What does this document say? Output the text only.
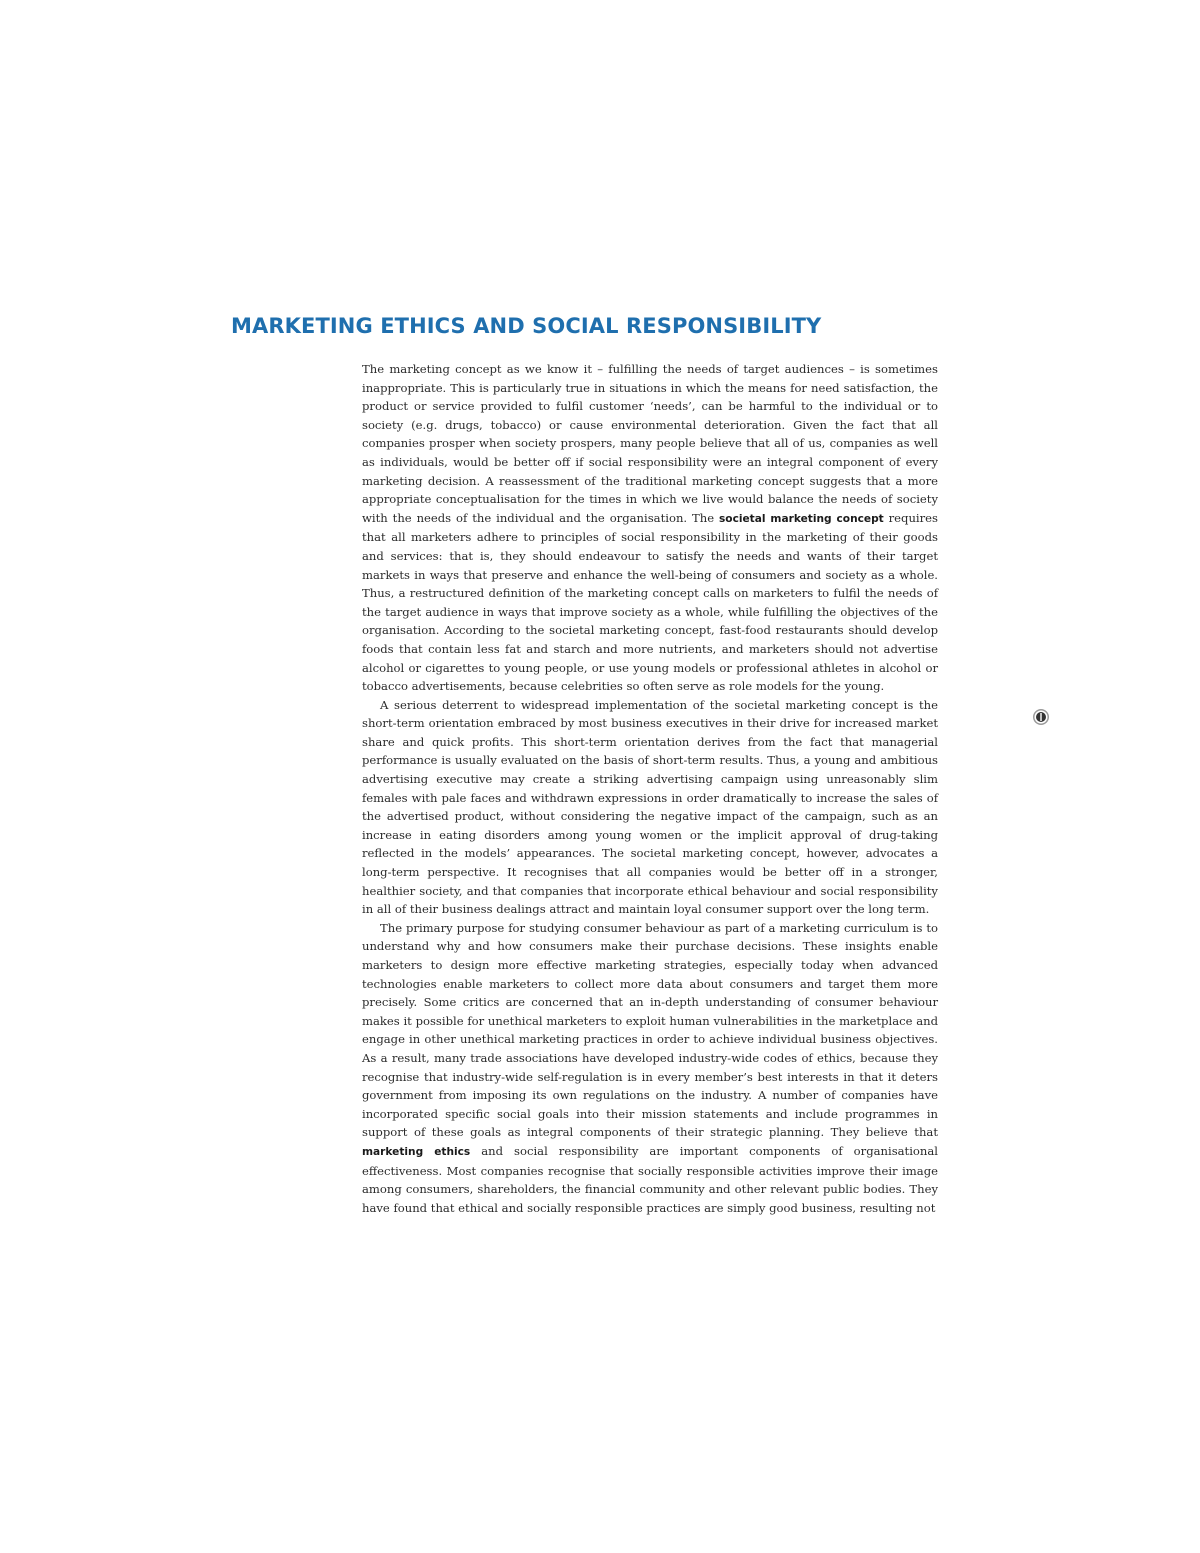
MARKETING ETHICS AND SOCIAL RESPONSIBILITY

The marketing concept as we know it – fulfilling the needs of target audiences – is sometimes inappropriate. This is particularly true in situations in which the means for need satisfaction, the product or service provided to fulfil customer ‘needs’, can be harmful to the individual or to society (e.g. drugs, tobacco) or cause environmental deterioration. Given the fact that all companies prosper when society prospers, many people believe that all of us, companies as well as individuals, would be better off if social responsibility were an integral component of every marketing decision. A reassessment of the traditional marketing concept suggests that a more appropriate conceptualisation for the times in which we live would balance the needs of society with the needs of the individual and the organisation. The societal marketing concept requires that all marketers adhere to principles of social responsibility in the marketing of their goods and services: that is, they should endeavour to satisfy the needs and wants of their target markets in ways that preserve and enhance the well-being of consumers and society as a whole. Thus, a restructured definition of the marketing concept calls on marketers to fulfil the needs of the target audience in ways that improve society as a whole, while fulfilling the objectives of the organisation. According to the societal marketing concept, fast-food restaurants should develop foods that contain less fat and starch and more nutrients, and marketers should not advertise alcohol or cigarettes to young people, or use young models or professional athletes in alcohol or tobacco advertisements, because celebrities so often serve as role models for the young.

A serious deterrent to widespread implementation of the societal marketing concept is the short-term orientation embraced by most business executives in their drive for increased market share and quick profits. This short-term orientation derives from the fact that managerial performance is usually evaluated on the basis of short-term results. Thus, a young and ambitious advertising executive may create a striking advertising campaign using unreasonably slim females with pale faces and withdrawn expressions in order dramatically to increase the sales of the advertised product, without considering the negative impact of the campaign, such as an increase in eating disorders among young women or the implicit approval of drug-taking reflected in the models’ appearances. The societal marketing concept, however, advocates a long-term perspective. It recognises that all companies would be better off in a stronger, healthier society, and that companies that incorporate ethical behaviour and social responsibility in all of their business dealings attract and maintain loyal consumer support over the long term.

The primary purpose for studying consumer behaviour as part of a marketing curriculum is to understand why and how consumers make their purchase decisions. These insights enable marketers to design more effective marketing strategies, especially today when advanced technologies enable marketers to collect more data about consumers and target them more precisely. Some critics are concerned that an in-depth understanding of consumer behaviour makes it possible for unethical marketers to exploit human vulnerabilities in the marketplace and engage in other unethical marketing practices in order to achieve individual business objectives. As a result, many trade associations have developed industry-wide codes of ethics, because they recognise that industry-wide self-regulation is in every member’s best interests in that it deters government from imposing its own regulations on the industry. A number of companies have incorporated specific social goals into their mission statements and include programmes in support of these goals as integral components of their strategic planning. They believe that marketing ethics and social responsibility are important components of organisational effectiveness. Most companies recognise that socially responsible activities improve their image among consumers, shareholders, the financial community and other relevant public bodies. They have found that ethical and socially responsible practices are simply good business, resulting not
